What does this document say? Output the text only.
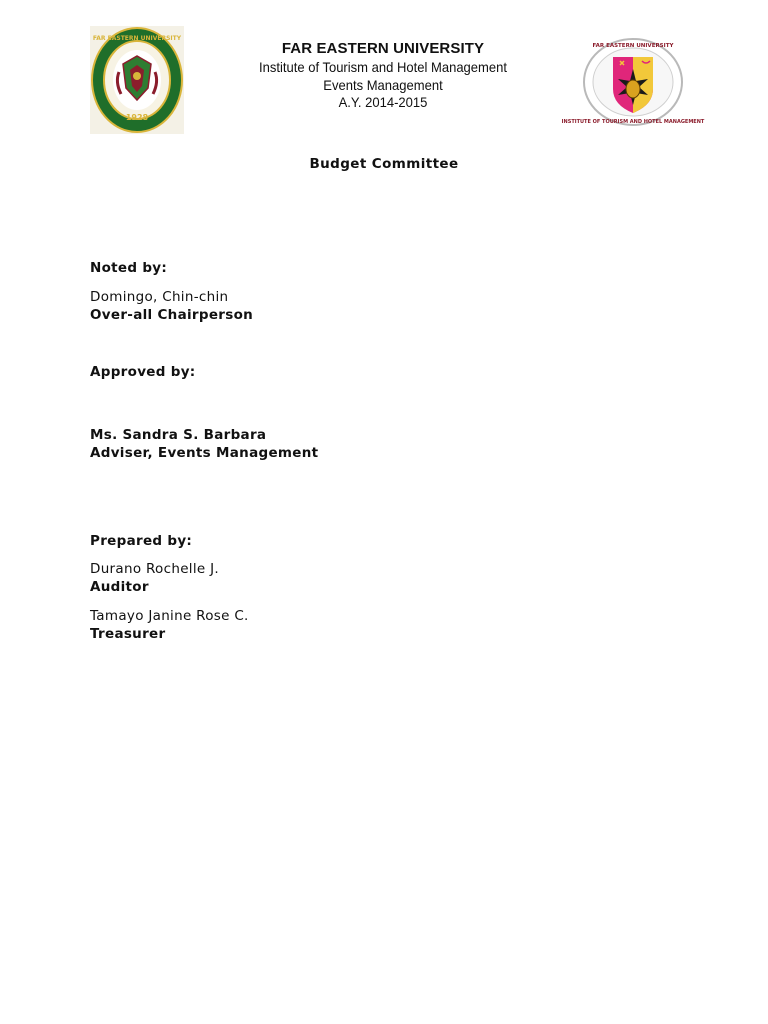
1928
FAR EASTERN UNIVERSITY
FAR EASTERN UNIVERSITY
INSTITUTE OF TOURISM AND HOTEL MANAGEMENT
FAR EASTERN UNIVERSITY
Institute of Tourism and Hotel Management
Events Management
A.Y. 2014-2015
Budget Committee
Noted by:
Domingo, Chin-chin
Over-all Chairperson
Approved by:
Ms. Sandra S. Barbara
Adviser, Events Management
Prepared by:
Durano Rochelle J.
Auditor
Tamayo Janine Rose C.
Treasurer
